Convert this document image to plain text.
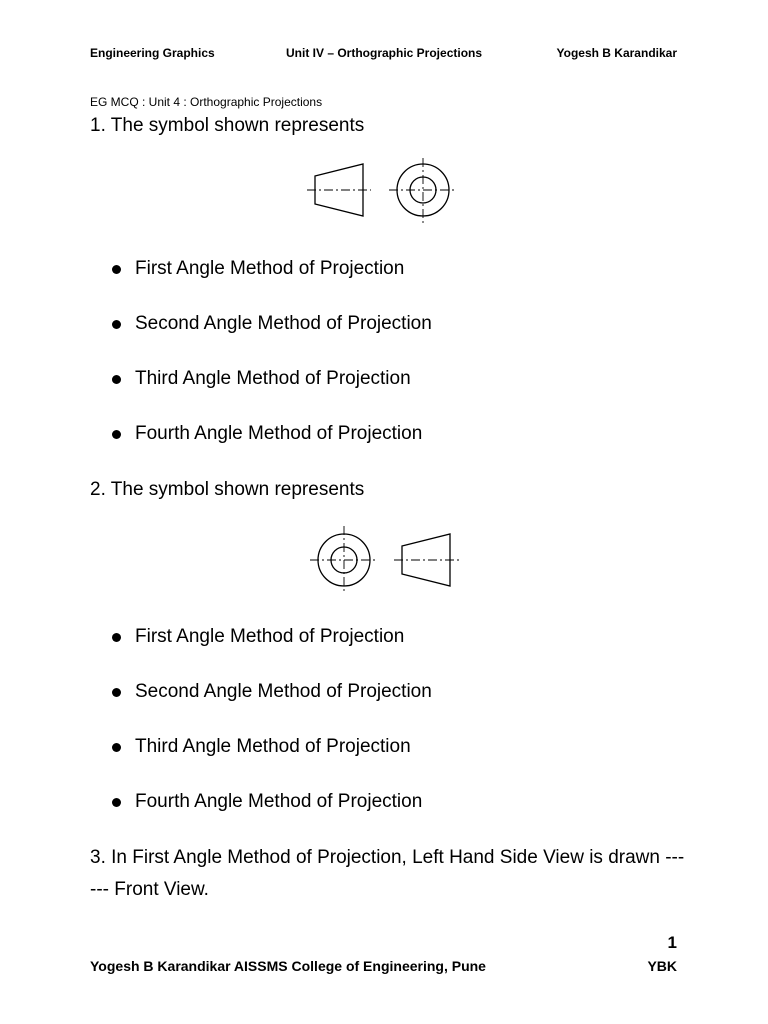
Engineering Graphics	Unit IV – Orthographic Projections	Yogesh B Karandikar
EG MCQ : Unit 4 : Orthographic Projections
1. The symbol shown represents
First Angle Method of Projection
Second Angle Method of Projection
Third Angle Method of Projection
Fourth Angle Method of Projection
2. The symbol shown represents
First Angle Method of Projection
Second Angle Method of Projection
Third Angle Method of Projection
Fourth Angle Method of Projection
3. In First Angle Method of Projection, Left Hand Side View is drawn ------ Front View.
1
Yogesh B Karandikar AISSMS College of Engineering, Pune	YBK
